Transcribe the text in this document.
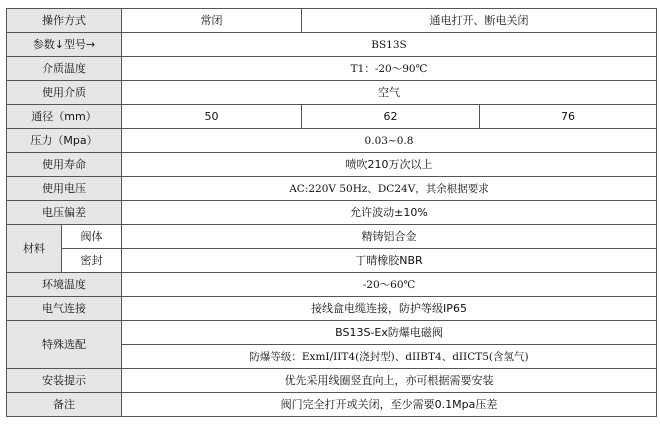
操作方式		常闭	通电打开、断电关闭	
参数↓型号→		BS13S		
介质温度		T1：-20～90℃		
使用介质		空气		
通径（mm）		50	62	76
压力（Mpa）		0.03~0.8		
使用寿命		喷吹210万次以上		
使用电压		AC:220V 50Hz、DC24V，其余根据要求		
电压偏差		允许波动±10%		
材料	阀体	精铸铝合金		
	密封	丁晴橡胶NBR		
环境温度		-20～60℃		
电气连接		接线盒电缆连接，防护等级IP65		
特殊选配		BS13S-Ex防爆电磁阀		
		防爆等级：ExmI/IIT4(浇封型)、dIIBT4、dIICT5(含氢气)		
安装提示		优先采用线圈竖直向上，亦可根据需要安装		
备注		阀门完全打开或关闭，至少需要0.1Mpa压差		
